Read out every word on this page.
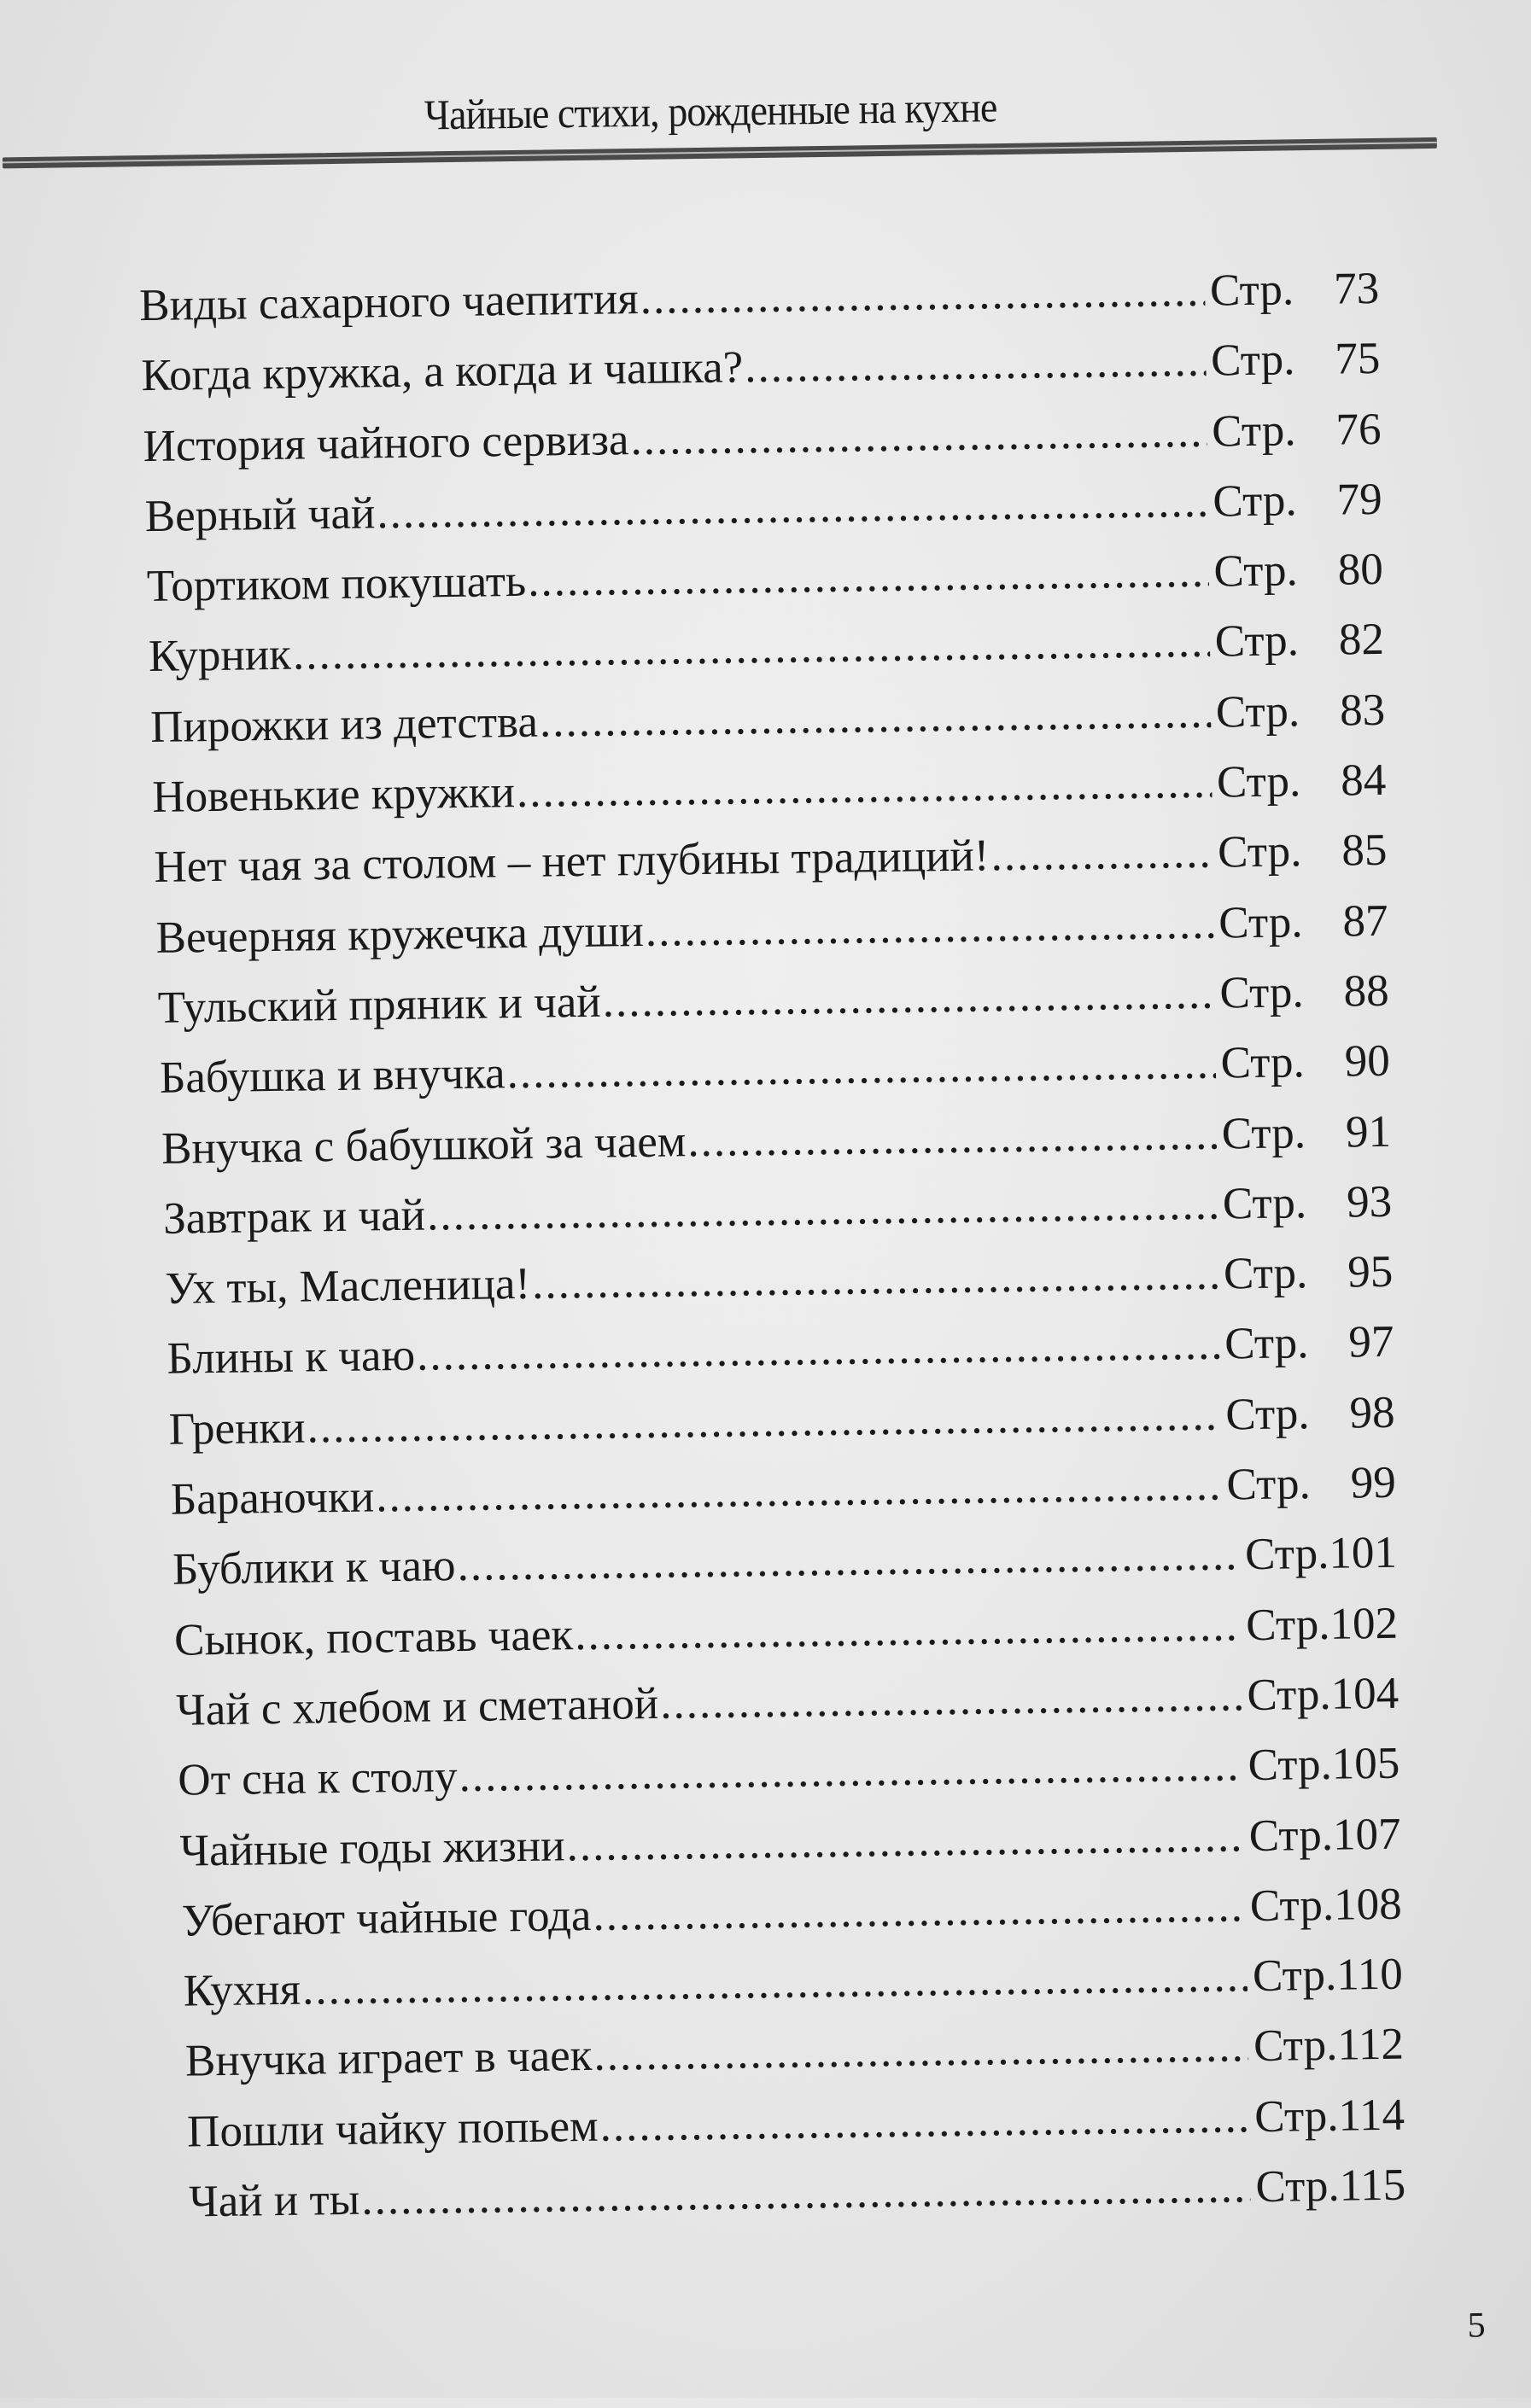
Чайные стихи, рожденные на кухне
Виды сахарного чаепития .....	Стр. 73
Когда кружка, а когда и чашка? .....	Стр. 75
История чайного сервиза .....	Стр. 76
Верный чай .....	Стр. 79
Тортиком покушать .....	Стр. 80
Курник .....	Стр. 82
Пирожки из детства .....	Стр. 83
Новенькие кружки .....	Стр. 84
Нет чая за столом – нет глубины традиций! .....	Стр. 85
Вечерняя кружечка души .....	Стр. 87
Тульский пряник и чай .....	Стр. 88
Бабушка и внучка .....	Стр. 90
Внучка с бабушкой за чаем .....	Стр. 91
Завтрак и чай .....	Стр. 93
Ух ты, Масленица! .....	Стр. 95
Блины к чаю .....	Стр. 97
Гренки .....	Стр. 98
Бараночки .....	Стр. 99
Бублики к чаю .....	Стр. 101
Сынок, поставь чаек .....	Стр. 102
Чай с хлебом и сметаной .....	Стр. 104
От сна к столу .....	Стр. 105
Чайные годы жизни .....	Стр. 107
Убегают чайные года .....	Стр. 108
Кухня .....	Стр. 110
Внучка играет в чаек .....	Стр. 112
Пошли чайку попьем .....	Стр. 114
Чай и ты .....	Стр. 115
5
